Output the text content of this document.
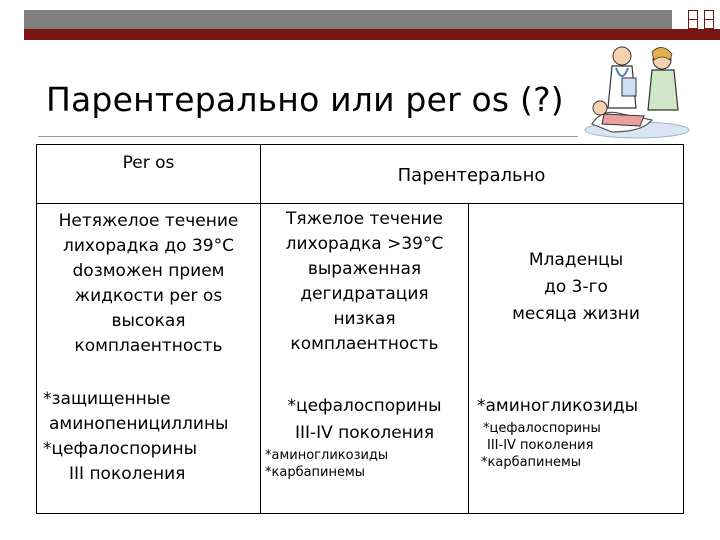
Парентерально или per os (?)
Per os
Парентерально
Нетяжелое течение
лихорадка до 39°С
dозможен прием
жидкости per os
высокая
комплаентность
Тяжелое течение
лихорадка >39°С
выраженная
дегидратация
низкая
комплаентность
Младенцы
до 3-го
месяца жизни
*защищенные
аминопенициллины
*цефалоспорины
III поколения
*цефалоспорины
III-IV поколения
*аминогликозиды
*карбапинемы
*аминогликозиды
*цефалоспорины
III-IV поколения
*карбапинемы
